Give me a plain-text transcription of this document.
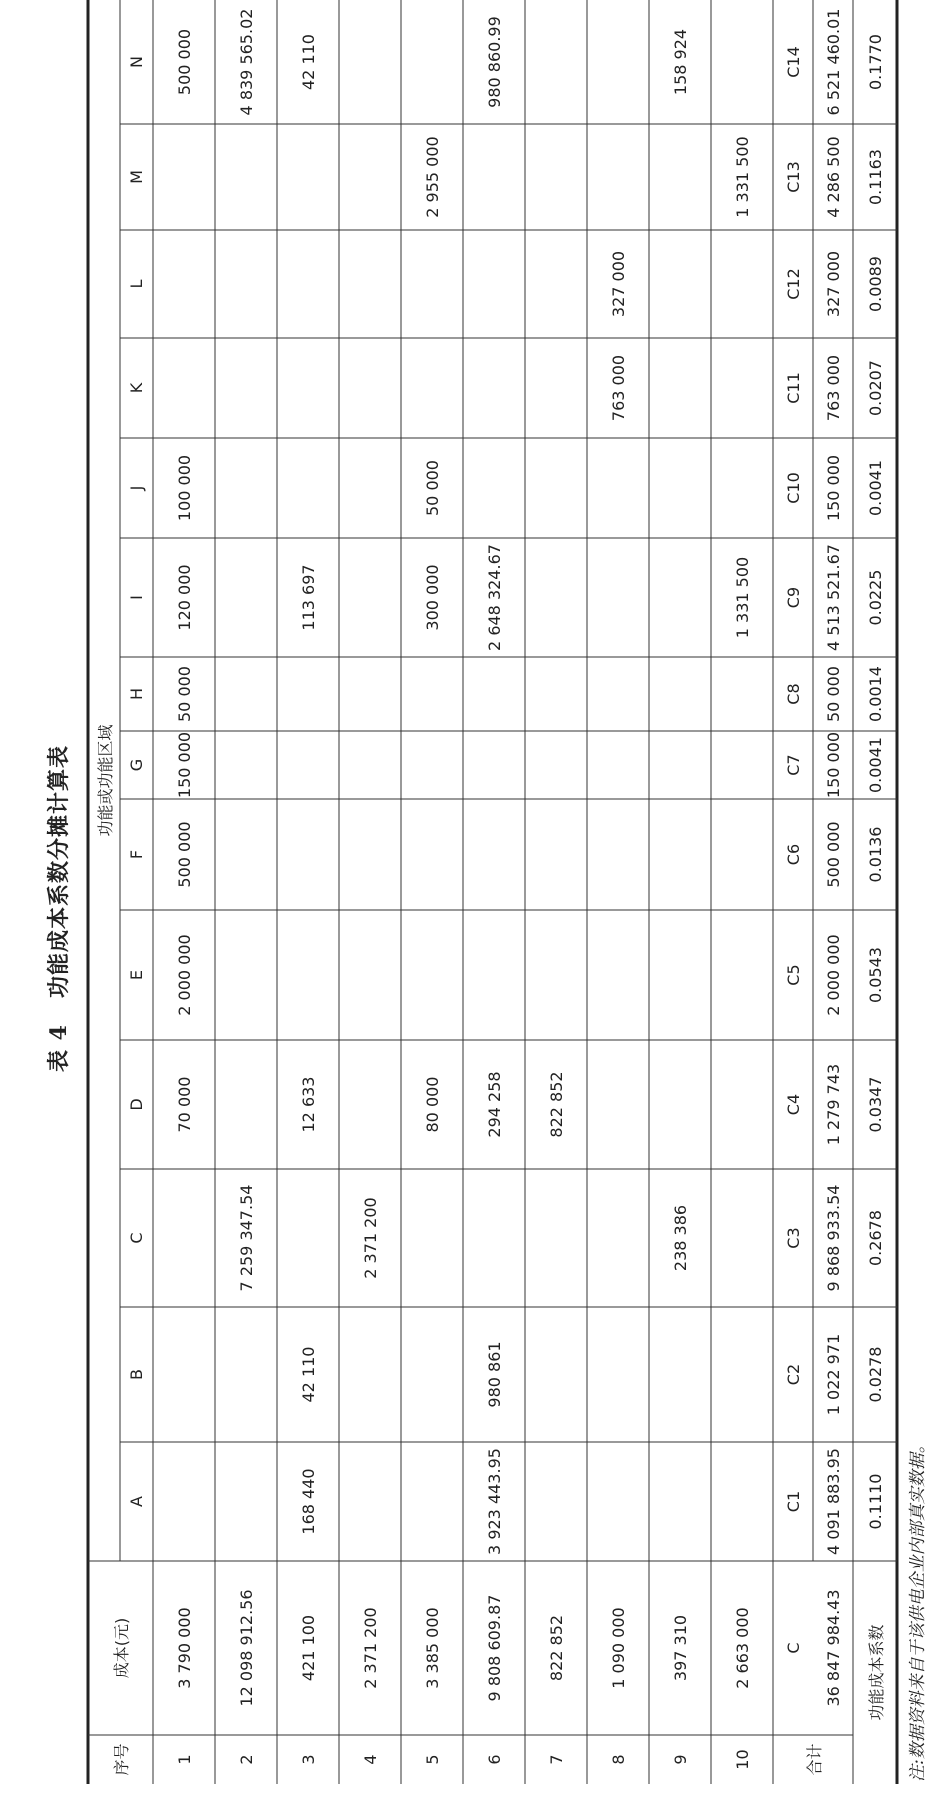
表 4功能成本系数分摊计算表
序号
成本(元)
功能或功能区域
A
B
C
D
E
F
G
H
I
J
K
L
M
N
1
3 790 000
70 000
2 000 000
500 000
150 000
50 000
120 000
100 000
500 000
2
12 098 912.56
7 259 347.54
4 839 565.02
3
421 100
168 440
42 110
12 633
113 697
42 110
4
2 371 200
2 371 200
5
3 385 000
80 000
300 000
50 000
2 955 000
6
9 808 609.87
3 923 443.95
980 861
294 258
2 648 324.67
980 860.99
7
822 852
822 852
8
1 090 000
763 000
327 000
9
397 310
238 386
158 924
10
2 663 000
1 331 500
1 331 500
合计
C	36 847 984.43
C1
C2
C3
C4
C5
C6
C7
C8
C9
C10
C11
C12
C13
C14
4 091 883.95
1 022 971
9 868 933.54
1 279 743
2 000 000
500 000
150 000
50 000
4 513 521.67
150 000
763 000
327 000
4 286 500
6 521 460.01
功能成本系数
0.1110
0.0278
0.2678
0.0347
0.0543
0.0136
0.0041
0.0014
0.0225
0.0041
0.0207
0.0089
0.1163
0.1770
注:数据资料来自于该供电企业内部真实数据。
